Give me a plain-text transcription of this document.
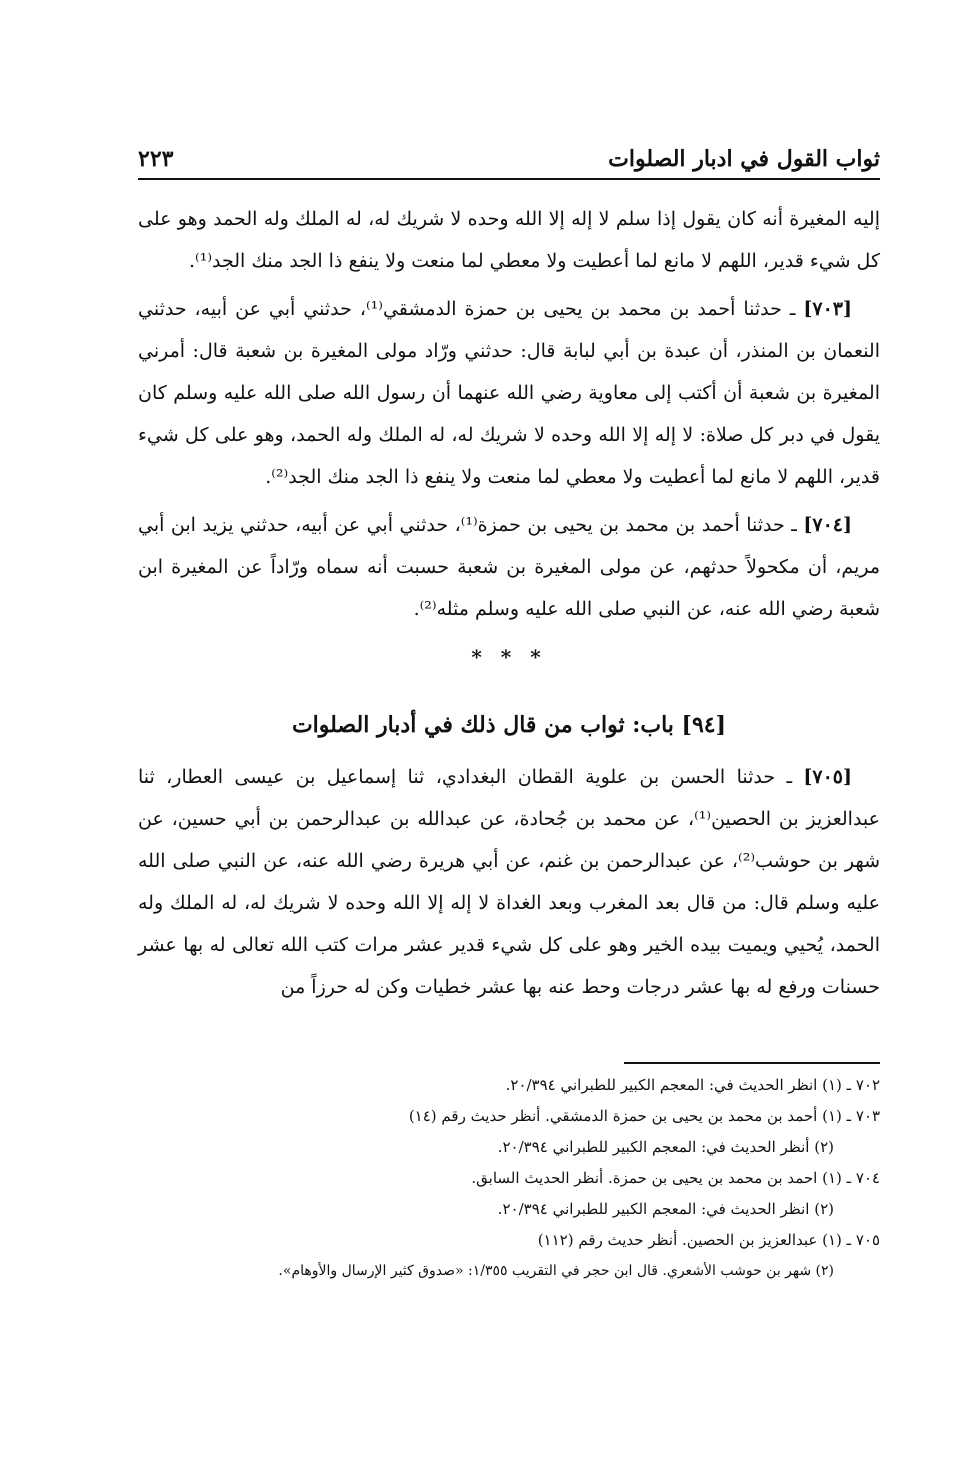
ثواب القول في ادبار الصلوات
٢٢٣

إليه المغيرة أنه كان يقول إذا سلم لا إله إلا الله وحده لا شريك له، له الملك وله الحمد وهو على كل شيء قدير، اللهم لا مانع لما أعطيت ولا معطي لما منعت ولا ينفع ذا الجد منك الجد⁽¹⁾.

[٧٠٣] ـ حدثنا أحمد بن محمد بن يحيى بن حمزة الدمشقي⁽¹⁾، حدثني أبي عن أبيه، حدثني النعمان بن المنذر، أن عبدة بن أبي لبابة قال: حدثني ورّاد مولى المغيرة بن شعبة قال: أمرني المغيرة بن شعبة أن أكتب إلى معاوية رضي الله عنهما أن رسول الله صلى الله عليه وسلم كان يقول في دبر كل صلاة: لا إله إلا الله وحده لا شريك له، له الملك وله الحمد، وهو على كل شيء قدير، اللهم لا مانع لما أعطيت ولا معطي لما منعت ولا ينفع ذا الجد منك الجد⁽²⁾.

[٧٠٤] ـ حدثنا أحمد بن محمد بن يحيى بن حمزة⁽¹⁾، حدثني أبي عن أبيه، حدثني يزيد ابن أبي مريم، أن مكحولاً حدثهم، عن مولى المغيرة بن شعبة حسبت أنه سماه ورّاداً عن المغيرة ابن شعبة رضي الله عنه، عن النبي صلى الله عليه وسلم مثله⁽²⁾.

* * *
[٩٤] باب: ثواب من قال ذلك في أدبار الصلوات

[٧٠٥] ـ حدثنا الحسن بن علوية القطان البغدادي، ثنا إسماعيل بن عيسى العطار، ثنا عبدالعزيز بن الحصين⁽¹⁾، عن محمد بن جُحادة، عن عبدالله بن عبدالرحمن بن أبي حسين، عن شهر بن حوشب⁽²⁾، عن عبدالرحمن بن غنم، عن أبي هريرة رضي الله عنه، عن النبي صلى الله عليه وسلم قال: من قال بعد المغرب وبعد الغداة لا إله إلا الله وحده لا شريك له، له الملك وله الحمد، يُحيي ويميت بيده الخير وهو على كل شيء قدير عشر مرات كتب الله تعالى له بها عشر حسنات ورفع له بها عشر درجات وحط عنه بها عشر خطيات وكن له حرزاً من

٧٠٢ ـ (١) انظر الحديث في: المعجم الكبير للطبراني ٢٠/٣٩٤.
٧٠٣ ـ (١) أحمد بن محمد بن يحيى بن حمزة الدمشقي. أنظر حديث رقم (١٤)
(٢) أنظر الحديث في: المعجم الكبير للطبراني ٢٠/٣٩٤.
٧٠٤ ـ (١) احمد بن محمد بن يحيى بن حمزة. أنظر الحديث السابق.
(٢) انظر الحديث في: المعجم الكبير للطبراني ٢٠/٣٩٤.
٧٠٥ ـ (١) عبدالعزيز بن الحصين. أنظر حديث رقم (١١٢)
(٢) شهر بن حوشب الأشعري. قال ابن حجر في التقريب ١/٣٥٥: «صدوق كثير الإرسال والأوهام».
